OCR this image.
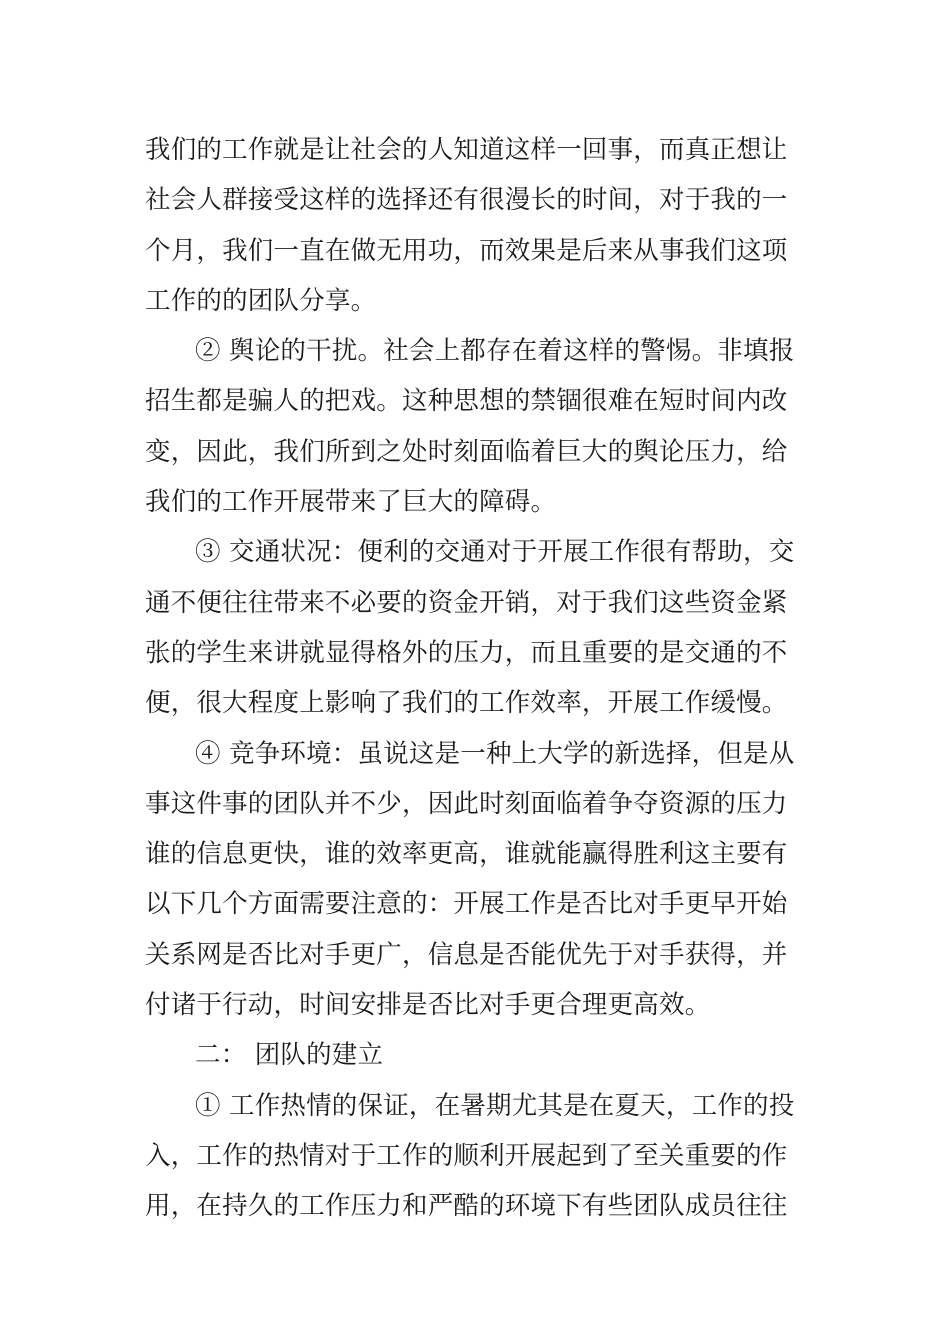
我们的工作就是让社会的人知道这样一回事，而真正想让
社会人群接受这样的选择还有很漫长的时间，对于我的一
个月，我们一直在做无用功，而效果是后来从事我们这项
工作的的团队分享。
② 舆论的干扰。社会上都存在着这样的警惕。非填报
招生都是骗人的把戏。这种思想的禁锢很难在短时间内改
变，因此，我们所到之处时刻面临着巨大的舆论压力，给
我们的工作开展带来了巨大的障碍。
③ 交通状况：便利的交通对于开展工作很有帮助，交
通不便往往带来不必要的资金开销，对于我们这些资金紧
张的学生来讲就显得格外的压力，而且重要的是交通的不
便，很大程度上影响了我们的工作效率，开展工作缓慢。
④ 竞争环境：虽说这是一种上大学的新选择，但是从
事这件事的团队并不少，因此时刻面临着争夺资源的压力
谁的信息更快，谁的效率更高，谁就能赢得胜利这主要有
以下几个方面需要注意的：开展工作是否比对手更早开始
关系网是否比对手更广，信息是否能优先于对手获得，并
付诸于行动，时间安排是否比对手更合理更高效。
二： 团队的建立
① 工作热情的保证，在暑期尤其是在夏天，工作的投
入，工作的热情对于工作的顺利开展起到了至关重要的作
用，在持久的工作压力和严酷的环境下有些团队成员往往
